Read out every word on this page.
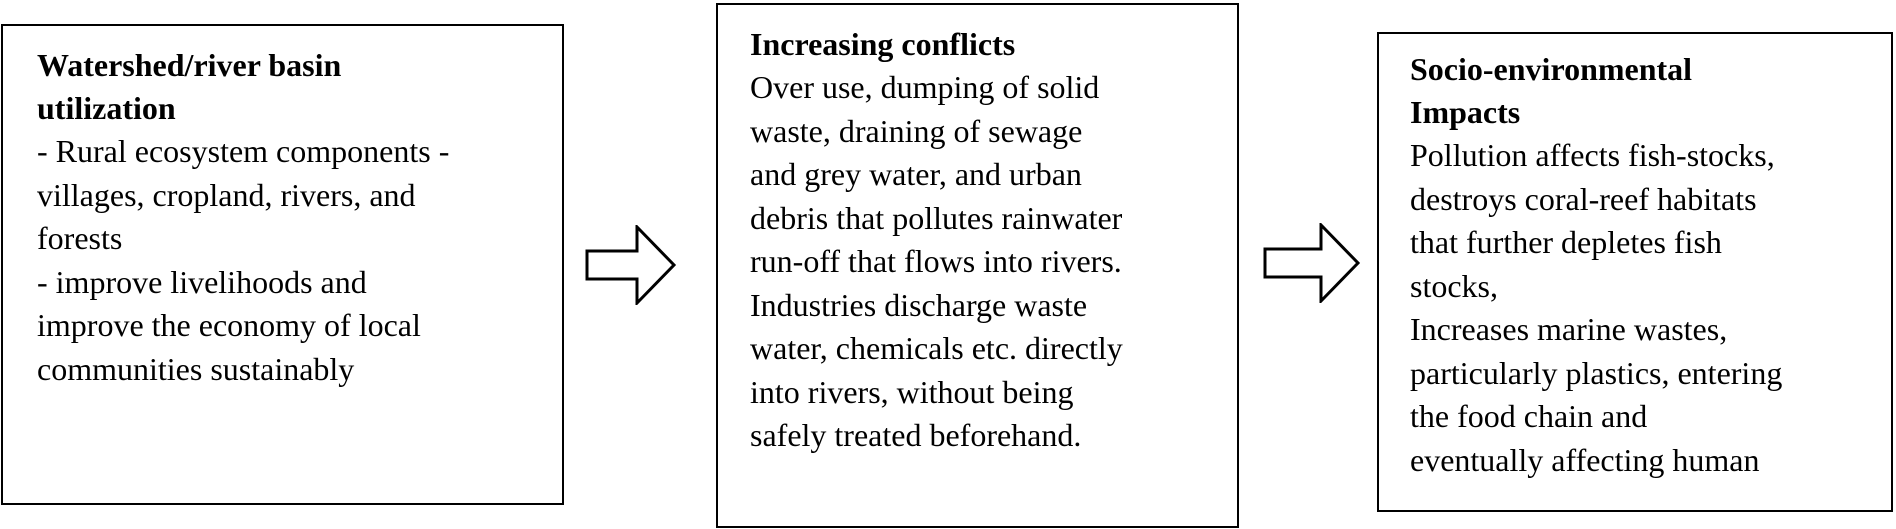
Watershed/river basin
utilization
- Rural ecosystem components -
villages, cropland, rivers, and
forests
- improve livelihoods and
improve the economy of local
communities sustainably
Increasing conflicts
Over use, dumping of solid
waste, draining of sewage
and grey water, and urban
debris that pollutes rainwater
run-off that flows into rivers.
Industries discharge waste
water, chemicals etc. directly
into rivers, without being
safely treated beforehand.
Socio-environmental
Impacts
Pollution affects fish-stocks,
destroys coral-reef habitats
that further depletes fish
stocks,
Increases marine wastes,
particularly plastics, entering
the food chain and
eventually affecting human
